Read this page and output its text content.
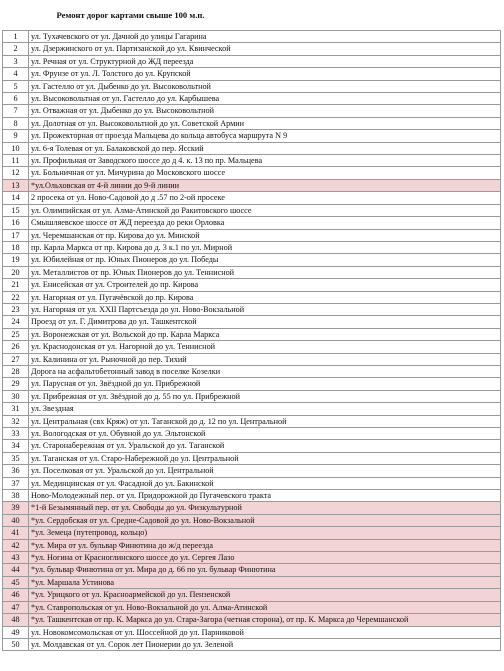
	Ремонт дорог картами свыше 100 м.п.
1	ул. Тухачевского от ул. Дачной до улицы Гагарина
2	ул. Дзержинского от ул. Партизанской до ул. Квинческой
3	ул. Речная от ул. Структурной до ЖД переезда
4	ул. Фрунзе от ул. Л. Толстого до ул. Крупской
5	ул. Гастелло от ул. Дыбенко до ул. Высоковольтной
6	ул. Высоковольтная от ул. Гастелло до ул. Карбышева
7	ул. Отважная от ул. Дыбенко до ул. Высоковольтной
8	ул. Долотная от ул. Высоковольтной до ул. Советской Армии
9	ул. Прожекторная от проезда Мальцева до кольца автобуса маршрута N 9
10	ул. 6-я Толевая от ул. Балаковской до пер. Ясский
11	ул. Профильная от Заводского шоссе до д 4. к. 13 по пр. Мальцева
12	ул. Больничная от ул. Мичурина до Московского шоссе
13	*ул.Ольховская от 4-й линии до 9-й линии
14	2 просека от ул. Ново-Садовой до д .57 по 2-ой просеке
15	ул. Олимпийская от ул. Алма-Атинской до Ракитовского шоссе
16	Смышляевское шоссе от ЖД переезда до реки Орловка
17	ул. Черемшанская от пр. Кирова до ул. Минской
18	пр. Карла Маркса от пр. Кирова до д. 3 к.1 по ул. Мирной
19	ул. Юбилейная от пр. Юных Пионеров до ул. Победы
20	ул. Металлистов от пр. Юных Пионеров до ул. Теннисной
21	ул. Енисейская от ул. Строителей до пр. Кирова
22	ул. Нагорная от ул. Пугачёвской до пр. Кирова
23	ул. Нагорная от ул. XXII Партсъезда до ул. Ново-Вокзальной
24	Проезд от ул. Г. Димитрова до ул. Ташкентской
25	ул. Воронежская от ул. Вольской до пр. Карла Маркса
26	ул. Краснодонская от ул. Нагорной до ул. Теннисной
27	ул. Калинина от ул. Рыночной до пер. Тихий
28	Дорога на асфальтобетонный завод в поселке Козелки
29	ул. Парусная от ул. Звёздной до ул. Прибрежной
30	ул. Прибрежная от ул. Звёздной до д. 55 по ул. Прибрежной
31	ул. Звездная
32	ул. Центральная (свх Кряж) от ул. Таганской до д. 12 по ул. Центральной
33	ул. Вологодская от ул. Обувной до ул. Эльтонской
34	ул. Старонабережная от ул. Уральской до ул. Таганской
35	ул. Таганская от ул. Старо-Набережной до ул. Центральной
36	ул. Поселковая от ул. Уральской до ул. Центральной
37	ул. Мединцинская от ул. Фасадной до ул. Бакинской
38	Ново-Молодежный пер. от ул. Придорожной до Пугачевского тракта
39	*1-й Безымянный пер. от ул. Свободы до ул. Физкультурной
40	*ул. Сердобская от ул. Средне-Садовой до ул. Ново-Вокзальной
41	*ул. Земеца (путепровод, кольцо)
42	*ул. Мира от ул. бульвар Финютина до ж/д переезда
43	*ул. Ногина от Красноглинского шоссе до ул. Сергея Лазо
44	*ул. бульвар Финютина от ул. Мира до д. 66 по ул. бульвар Финютина
45	*ул. Маршала Устинова
46	*ул. Урицкого от ул. Красноармейской до ул. Пензенской
47	*ул. Ставропольская от ул. Ново-Вокзальной до ул. Алма-Атинской
48	*ул. Ташкентская от пр. К. Маркса до ул. Стара-Загора (четная сторона), от пр. К. Маркса до Черемшанской
49	ул. Новокомсомольская от ул. Шоссейной до ул. Парниковой
50	ул. Молдавская от ул. Сорок лет Пионерии до ул. Зеленой
